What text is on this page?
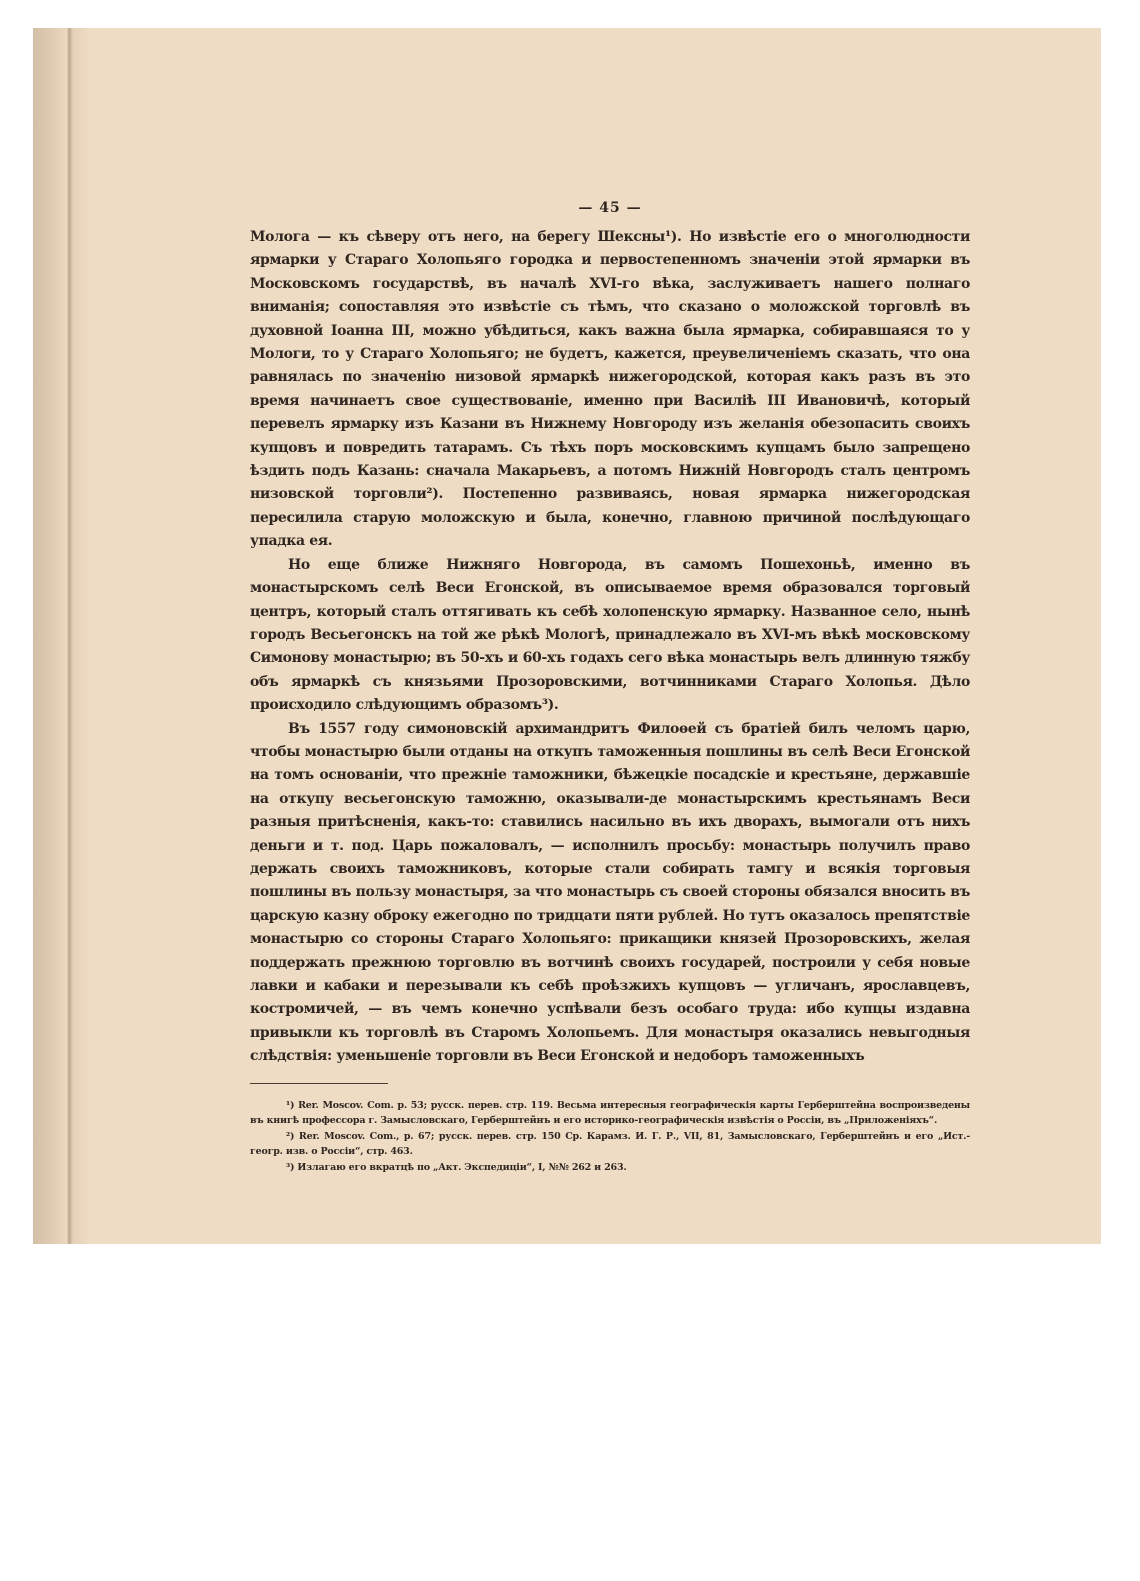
— 45 —

Молога — къ сѣверу отъ него, на берегу Шексны¹). Но извѣстіе его о многолюдности ярмарки у Стараго Холопьяго городка и первостепенномъ значеніи этой ярмарки въ Московскомъ государствѣ, въ началѣ XVI-го вѣка, заслуживаетъ нашего полнаго вниманія; сопоставляя это извѣстіе съ тѣмъ, что сказано о моложской торговлѣ въ духовной Іоанна III, можно убѣдиться, какъ важна была ярмарка, собиравшаяся то у Мологи, то у Стараго Холопьяго; не будетъ, кажется, преувеличеніемъ сказать, что она равнялась по значенію низовой ярмаркѣ нижегородской, которая какъ разъ въ это время начинаетъ свое существованіе, именно при Василіѣ III Ивановичѣ, который перевелъ ярмарку изъ Казани въ Нижнему Новгороду изъ желанія обезопасить своихъ купцовъ и повредить татарамъ. Съ тѣхъ поръ московскимъ купцамъ было запрещено ѣздить подъ Казань: сначала Макарьевъ, а потомъ Нижній Новгородъ сталъ центромъ низовской торговли²). Постепенно развиваясь, новая ярмарка нижегородская пересилила старую моложскую и была, конечно, главною причиной послѣдующаго упадка ея.

Но еще ближе Нижняго Новгорода, въ самомъ Пошехоньѣ, именно въ монастырскомъ селѣ Веси Егонской, въ описываемое время образовался торговый центръ, который сталъ оттягивать къ себѣ холопенскую ярмарку. Названное село, нынѣ городъ Весьегонскъ на той же рѣкѣ Мологѣ, принадлежало въ XVI-мъ вѣкѣ московскому Симонову монастырю; въ 50-хъ и 60-хъ годахъ сего вѣка монастырь велъ длинную тяжбу объ ярмаркѣ съ князьями Прозоровскими, вотчинниками Стараго Холопья. Дѣло происходило слѣдующимъ образомъ³).

Въ 1557 году симоновскій архимандритъ Филоѳей съ братіей билъ челомъ царю, чтобы монастырю были отданы на откупъ таможенныя пошлины въ селѣ Веси Егонской на томъ основаніи, что прежніе таможники, бѣжецкіе посадскіе и крестьяне, державшіе на откупу весьегонскую таможню, оказывали-де монастырскимъ крестьянамъ Веси разныя притѣсненія, какъ-то: ставились насильно въ ихъ дворахъ, вымогали отъ нихъ деньги и т. под. Царь пожаловалъ, — исполнилъ просьбу: монастырь получилъ право держать своихъ таможниковъ, которые стали собирать тамгу и всякія торговыя пошлины въ пользу монастыря, за что монастырь съ своей стороны обязался вносить въ царскую казну оброку ежегодно по тридцати пяти рублей. Но тутъ оказалось препятствіе монастырю со стороны Стараго Холопьяго: прикащики князей Прозоровскихъ, желая поддержать прежнюю торговлю въ вотчинѣ своихъ государей, построили у себя новые лавки и кабаки и перезывали къ себѣ проѣзжихъ купцовъ — угличанъ, ярославцевъ, костромичей, — въ чемъ конечно успѣвали безъ особаго труда: ибо купцы издавна привыкли къ торговлѣ въ Старомъ Холопьемъ. Для монастыря оказались невыгодныя слѣдствія: уменьшеніе торговли въ Веси Егонской и недоборъ таможенныхъ

¹) Rer. Moscov. Com. p. 53; русск. перев. стр. 119. Весьма интересныя географическія карты Герберштейна воспроизведены въ книгѣ профессора г. Замысловскаго, Герберштейнъ и его историко-географическія извѣстія о Россіи, въ „Приложеніяхъ“.

²) Rer. Moscov. Com., p. 67; русск. перев. стр. 150 Ср. Карамз. И. Г. Р., VII, 81, Замысловскаго, Герберштейнъ и его „Ист.-геогр. изв. о Россіи“, стр. 463.

³) Излагаю его вкратцѣ по „Акт. Экспедиціи“, I, №№ 262 и 263.
